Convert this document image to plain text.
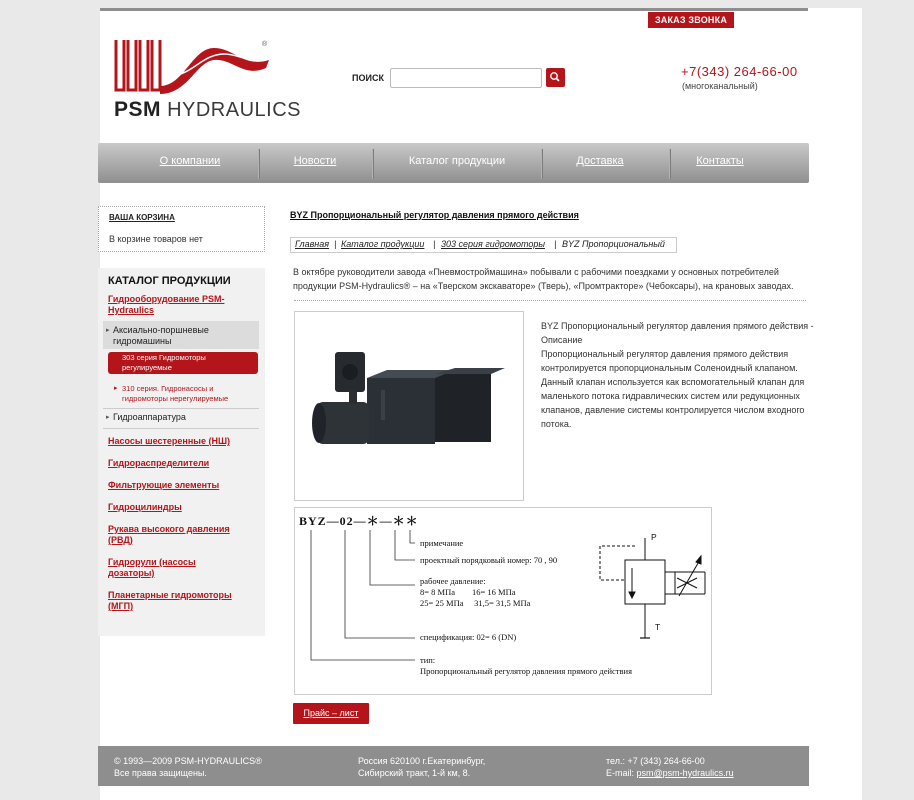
ЗАКАЗ ЗВОНКА
®
PSM HYDRAULICS
ПОИСК	+7(343) 264-66-00
(многоканальный)
О компании	Новости	Каталог продукции	Доставка	Контакты
ВАША КОРЗИНА
В корзине товаров нет
КАТАЛОГ ПРОДУКЦИИ
Гидрооборудование PSM-Hydraulics
▸ Аксиально-поршневые гидромашины
303 серия Гидромоторы регулируемые
▸ 310 серия. Гидронасосы и гидромоторы нерегулируемые
▸ Гидроаппаратура
Насосы шестеренные (НШ)
Гидрораспределители
Фильтрующие элементы
Гидроцилиндры
Рукава высокого давления (РВД)
Гидрорули (насосы дозаторы)
Планетарные гидромоторы (МГП)
BYZ Пропорциональный регулятор давления прямого действия
Главная | Каталог продукции | 303 серия гидромоторы | BYZ Пропорциональный
В октябре руководители завода «Пневмостроймашина» побывали с рабочими поездками у основных потребителей продукции PSM-Hydraulics® – на «Тверском экскаваторе» (Тверь), «Промтракторе» (Чебоксары), на крановых заводах.
BYZ Пропорциональный регулятор давления прямого действия - Описание
Пропорциональный регулятор давления прямого действия контролируется пропорциональным Соленоидный клапаном. Данный клапан используется как вспомогательный клапан для маленького потока гидравлических систем или редукционных клапанов, давление системы контролируется числом входного потока.
BYZ—02—＊—＊＊
примечание
проектный порядковый номер: 70 , 90
рабочее давление:
8= 8 МПа        16= 16 МПа
25= 25 МПа     31,5= 31,5 МПа
спецификация: 02= 6 (DN)
тип:
Пропорциональный регулятор давления прямого действия
P
T
Прайс – лист
© 1993—2009 PSM-HYDRAULICS®
Все права защищены.
Россия 620100 г.Екатеринбург,
Сибирский тракт, 1-й км, 8.
тел.: +7 (343) 264-66-00
E-mail: psm@psm-hydraulics.ru
